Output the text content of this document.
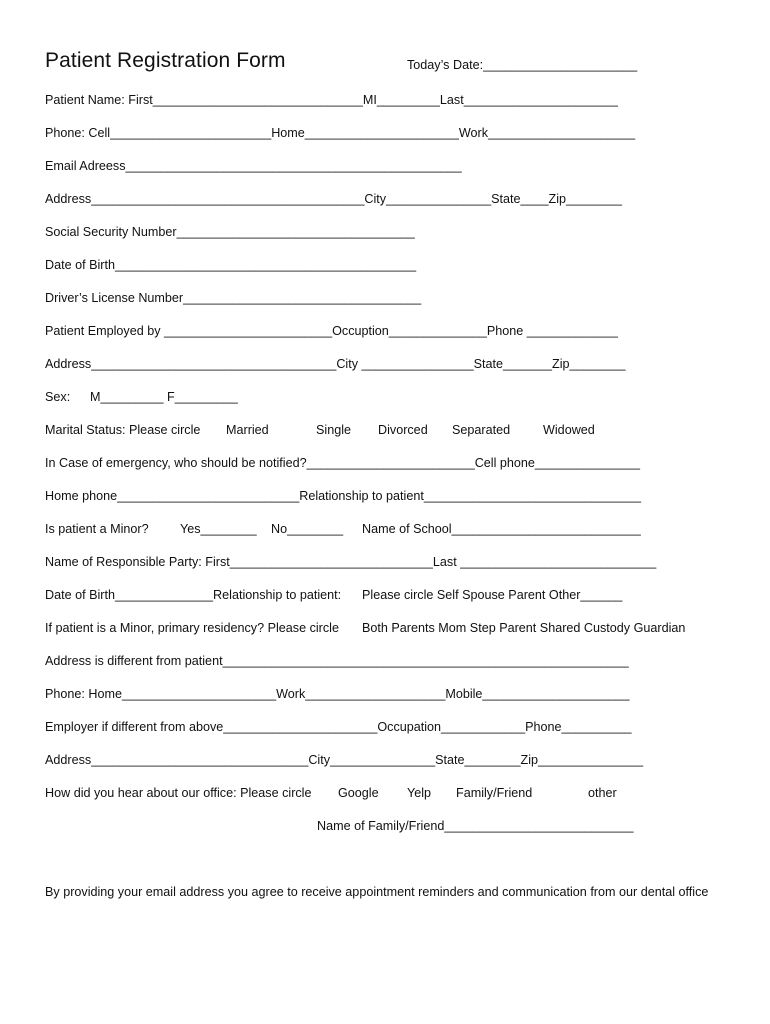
Patient Registration Form	Today’s Date:______________________
Patient Name: First______________________________MI_________Last______________________
Phone: Cell_______________________Home______________________Work_____________________
Email Adreess________________________________________________
Address_______________________________________City_______________State____Zip________
Social Security Number__________________________________
Date of Birth___________________________________________
Driver’s License Number__________________________________
Patient Employed by ________________________Occuption______________Phone _____________
Address___________________________________City ________________State_______Zip________
Sex: M_________ F_________
Marital Status: Please circle Married	Single Divorced Separated	Widowed
In Case of emergency, who should be notified?________________________Cell phone_______________
Home phone__________________________Relationship to patient_______________________________
Is patient a Minor? Yes________ No________ Name of School___________________________
Name of Responsible Party: First_____________________________Last ____________________________
Date of Birth______________Relationship to patient: Please circle Self Spouse Parent Other______
If patient is a Minor, primary residency? Please circle Both Parents Mom Step Parent Shared Custody Guardian
Address is different from patient__________________________________________________________
Phone: Home______________________Work____________________Mobile_____________________
Employer if different from above______________________Occupation____________Phone__________
Address_______________________________City_______________State________Zip_______________
How did you hear about our office: Please circle Google Yelp Family/Friend	other
Name of Family/Friend___________________________
By providing your email address you agree to receive appointment reminders and communication from our dental office
